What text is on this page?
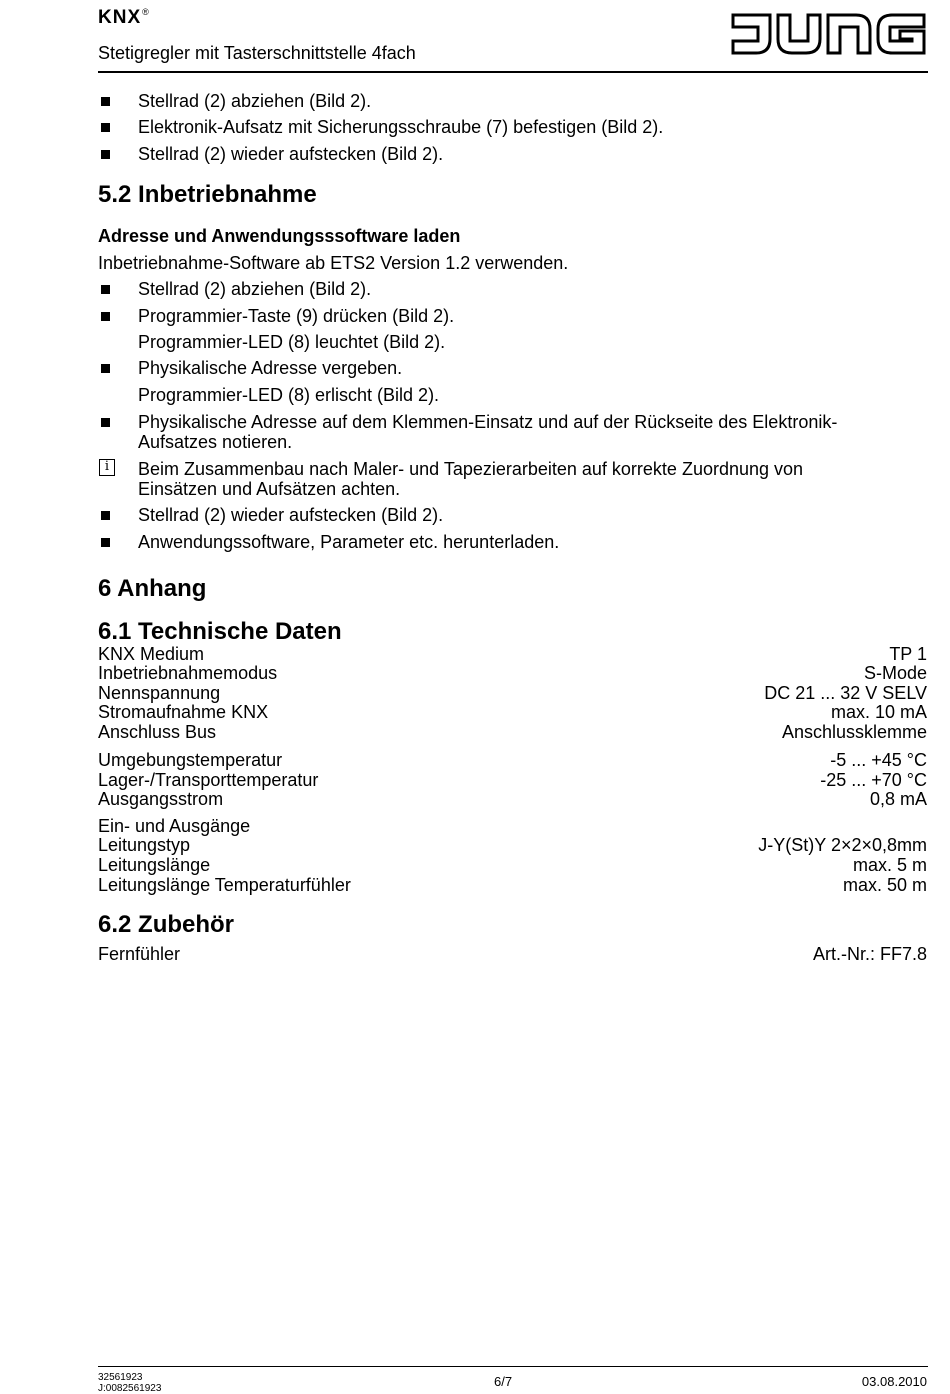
KNX®
Stetigregler mit Tasterschnittstelle 4fach
Stellrad (2) abziehen (Bild 2).
Elektronik-Aufsatz mit Sicherungsschraube (7) befestigen (Bild 2).
Stellrad (2) wieder aufstecken (Bild 2).
5.2 Inbetriebnahme
Adresse und Anwendungsssoftware laden
Inbetriebnahme-Software ab ETS2 Version 1.2 verwenden.
Stellrad (2) abziehen (Bild 2).
Programmier-Taste (9) drücken (Bild 2).
Programmier-LED (8) leuchtet (Bild 2).
Physikalische Adresse vergeben.
Programmier-LED (8) erlischt (Bild 2).
Physikalische Adresse auf dem Klemmen-Einsatz und auf der Rückseite des Elektronik-
Aufsatzes notieren.
i	Beim Zusammenbau nach Maler- und Tapezierarbeiten auf korrekte Zuordnung von
Einsätzen und Aufsätzen achten.
Stellrad (2) wieder aufstecken (Bild 2).
Anwendungssoftware, Parameter etc. herunterladen.
6 Anhang
6.1 Technische Daten
KNX Medium	TP 1
Inbetriebnahmemodus	S-Mode
Nennspannung	DC 21 ... 32 V SELV
Stromaufnahme KNX	max. 10 mA
Anschluss Bus	Anschlussklemme
Umgebungstemperatur	-5 ... +45 °C
Lager-/Transporttemperatur	-25 ... +70 °C
Ausgangsstrom	0,8 mA
Ein- und Ausgänge
Leitungstyp	J-Y(St)Y 2×2×0,8mm
Leitungslänge	max. 5 m
Leitungslänge Temperaturfühler	max. 50 m
6.2 Zubehör
Fernfühler	Art.-Nr.: FF7.8
32561923
J:0082561923	6/7	03.08.2010
